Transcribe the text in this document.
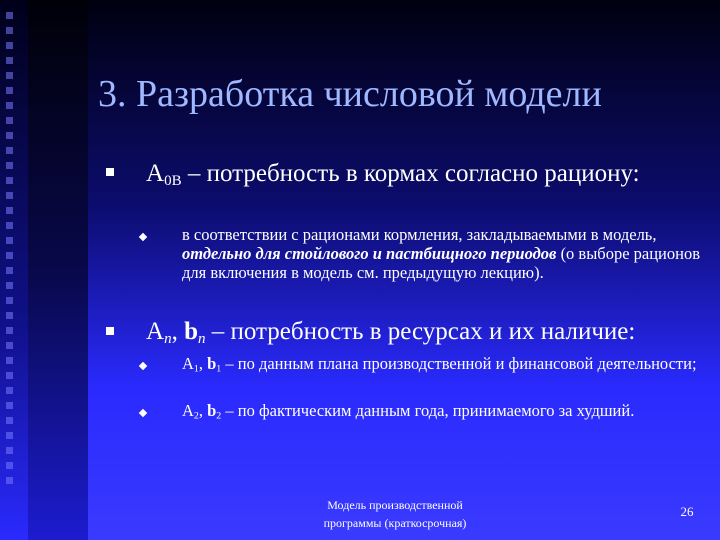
3. Разработка числовой модели
$A_{0B}$ – потребность в кормах согласно рациону:
в соответствии с рационами кормления, закладываемыми в модель, отдельно для стойлового и пастбищного периодов (о выборе рационов для включения в модель см. предыдущую лекцию).
$A_n$, $b_n$ – потребность в ресурсах и их наличие:
$A_1$, $b_1$ – по данным плана производственной и финансовой деятельности;
$A_2$, $b_2$ – по фактическим данным года, принимаемого за худший.
Модель производственной
программы (краткосрочная)
26
